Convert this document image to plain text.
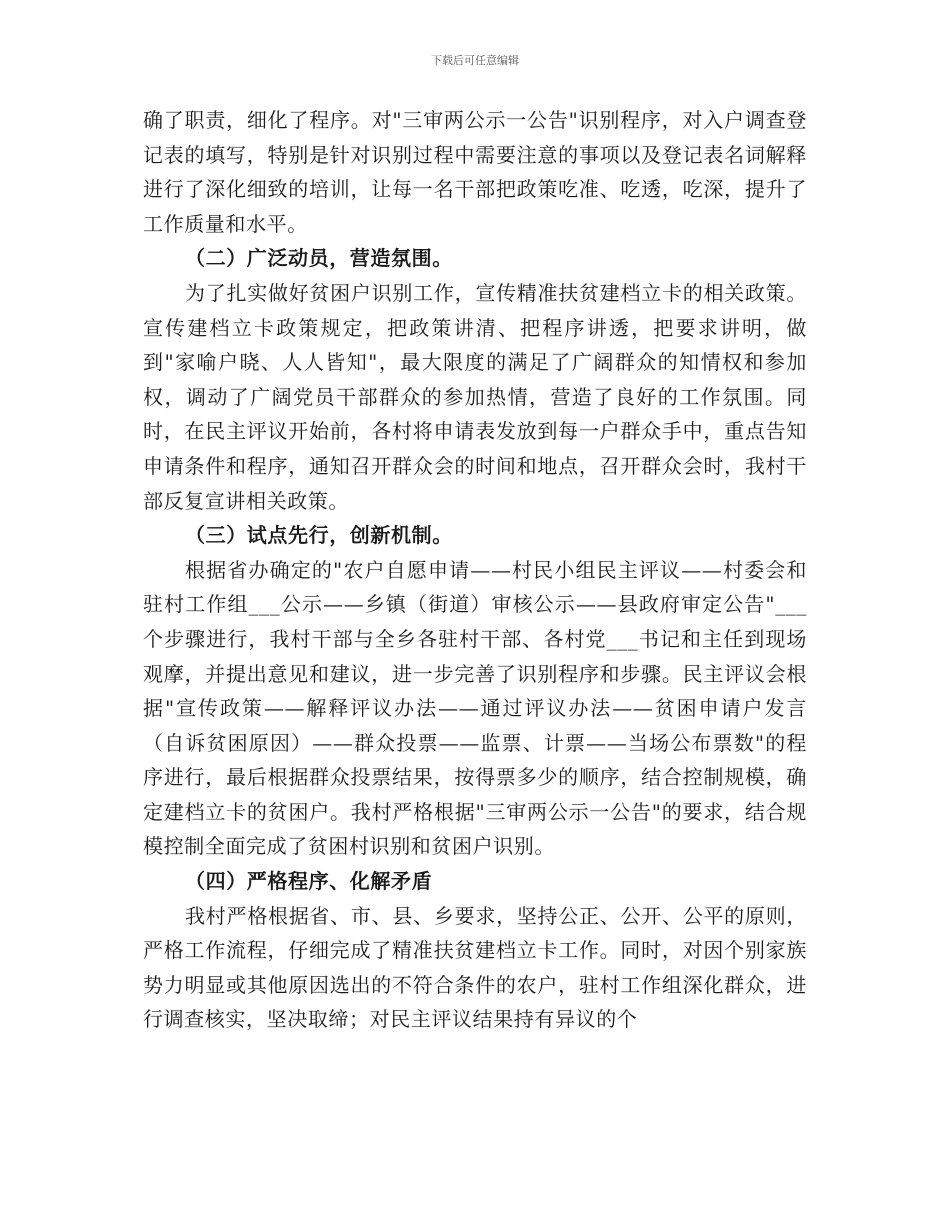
下载后可任意编辑

确了职责，细化了程序。对"三审两公示一公告"识别程序，对入户调查登记表的填写，特别是针对识别过程中需要注意的事项以及登记表名词解释进行了深化细致的培训，让每一名干部把政策吃准、吃透，吃深，提升了工作质量和水平。

（二）广泛动员，营造氛围。

为了扎实做好贫困户识别工作，宣传精准扶贫建档立卡的相关政策。宣传建档立卡政策规定，把政策讲清、把程序讲透，把要求讲明，做到"家喻户晓、人人皆知"，最大限度的满足了广阔群众的知情权和参加权，调动了广阔党员干部群众的参加热情，营造了良好的工作氛围。同时，在民主评议开始前，各村将申请表发放到每一户群众手中，重点告知申请条件和程序，通知召开群众会的时间和地点，召开群众会时，我村干部反复宣讲相关政策。

（三）试点先行，创新机制。

根据省办确定的"农户自愿申请——村民小组民主评议——村委会和驻村工作组___公示——乡镇（街道）审核公示——县政府审定公告"___个步骤进行，我村干部与全乡各驻村干部、各村党___书记和主任到现场观摩，并提出意见和建议，进一步完善了识别程序和步骤。民主评议会根据"宣传政策——解释评议办法——通过评议办法——贫困申请户发言（自诉贫困原因）——群众投票——监票、计票——当场公布票数"的程序进行，最后根据群众投票结果，按得票多少的顺序，结合控制规模，确定建档立卡的贫困户。我村严格根据"三审两公示一公告"的要求，结合规模控制全面完成了贫困村识别和贫困户识别。

（四）严格程序、化解矛盾

我村严格根据省、市、县、乡要求，坚持公正、公开、公平的原则，严格工作流程，仔细完成了精准扶贫建档立卡工作。同时，对因个别家族势力明显或其他原因选出的不符合条件的农户，驻村工作组深化群众，进行调查核实，坚决取缔；对民主评议结果持有异议的个
